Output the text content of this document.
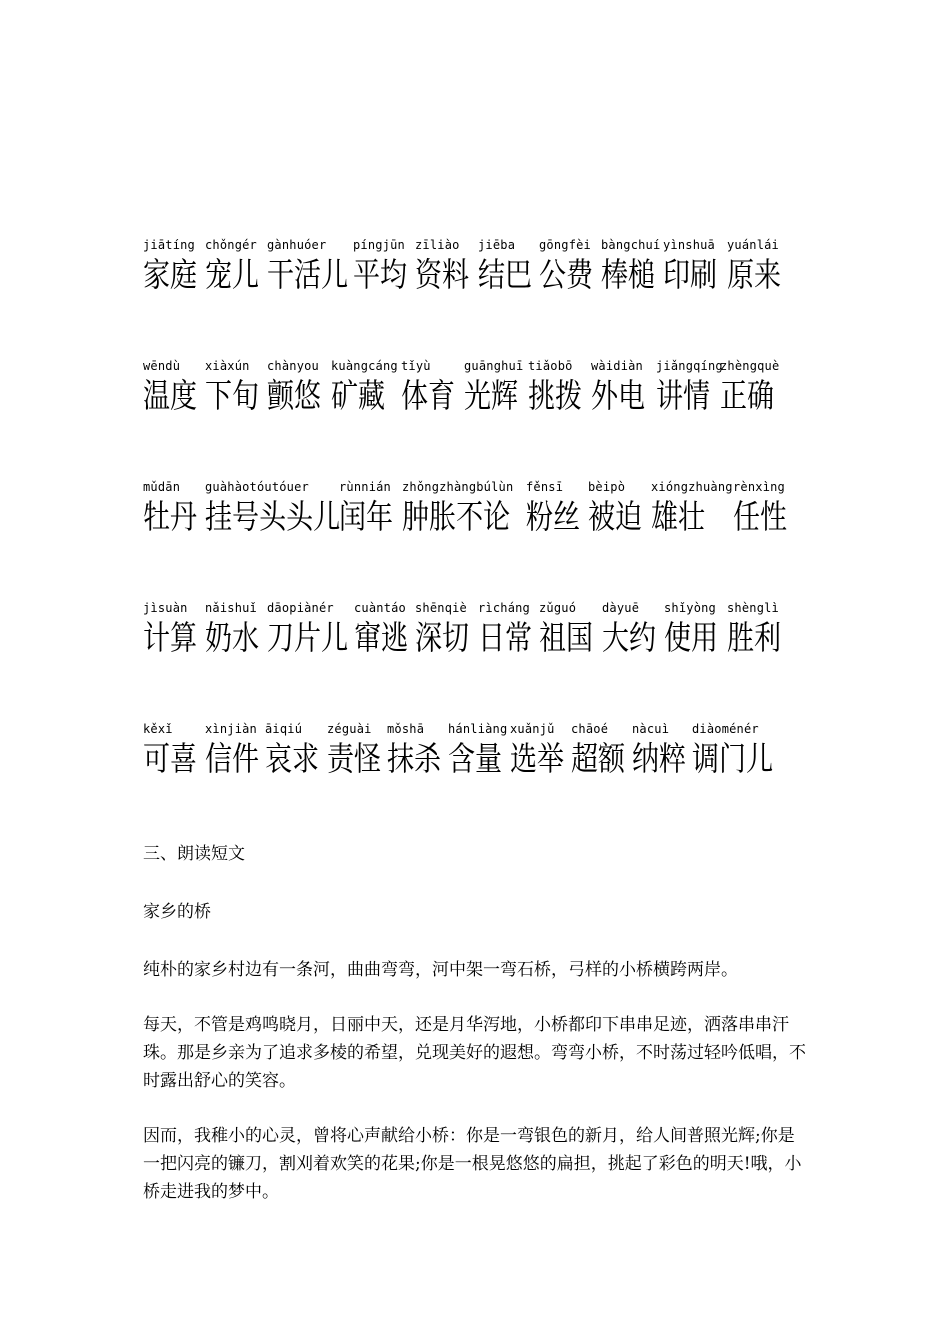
jiātíng
家庭
chǒngér
宠儿
gànhuóer
干活儿
píngjūn
平均
zīliào
资料
jiēba
结巴
gōngfèi
公费
bàngchuí
棒槌
yìnshuā
印刷
yuánlái
原来
wēndù
温度
xiàxún
下旬
chànyou
颤悠
kuàngcáng
矿藏
tǐyù
体育
guānghuī
光辉
tiǎobō
挑拨
wàidiàn
外电
jiǎngqíng
讲情
zhèngquè
正确
mǔdān
牡丹
guàhàotóutóuer
挂号头头儿
rùnnián
闰年
zhǒngzhàngbúlùn
肿胀不论
fěnsī
粉丝
bèipò
被迫
xióngzhuàng
雄壮
rènxìng
任性
jìsuàn
计算
nǎishuǐ
奶水
dāopiànér
刀片儿
cuàntáo
窜逃
shēnqiè
深切
rìcháng
日常
zǔguó
祖国
dàyuē
大约
shǐyòng
使用
shènglì
胜利
kěxǐ
可喜
xìnjiàn
信件
āiqiú
哀求
zéguài
责怪
mǒshā
抹杀
hánliàng
含量
xuǎnjǔ
选举
chāoé
超额
nàcuì
纳粹
diàoménér
调门儿

三、朗读短文

家乡的桥

纯朴的家乡村边有一条河，曲曲弯弯，河中架一弯石桥，弓样的小桥横跨两岸。

每天，不管是鸡鸣晓月，日丽中天，还是月华泻地，小桥都印下串串足迹，洒落串串汗珠。那是乡亲为了追求多棱的希望，兑现美好的遐想。弯弯小桥，不时荡过轻吟低唱，不时露出舒心的笑容。

因而，我稚小的心灵，曾将心声献给小桥：你是一弯银色的新月，给人间普照光辉;你是一把闪亮的镰刀，割刈着欢笑的花果;你是一根晃悠悠的扁担，挑起了彩色的明天!哦，小桥走进我的梦中。
